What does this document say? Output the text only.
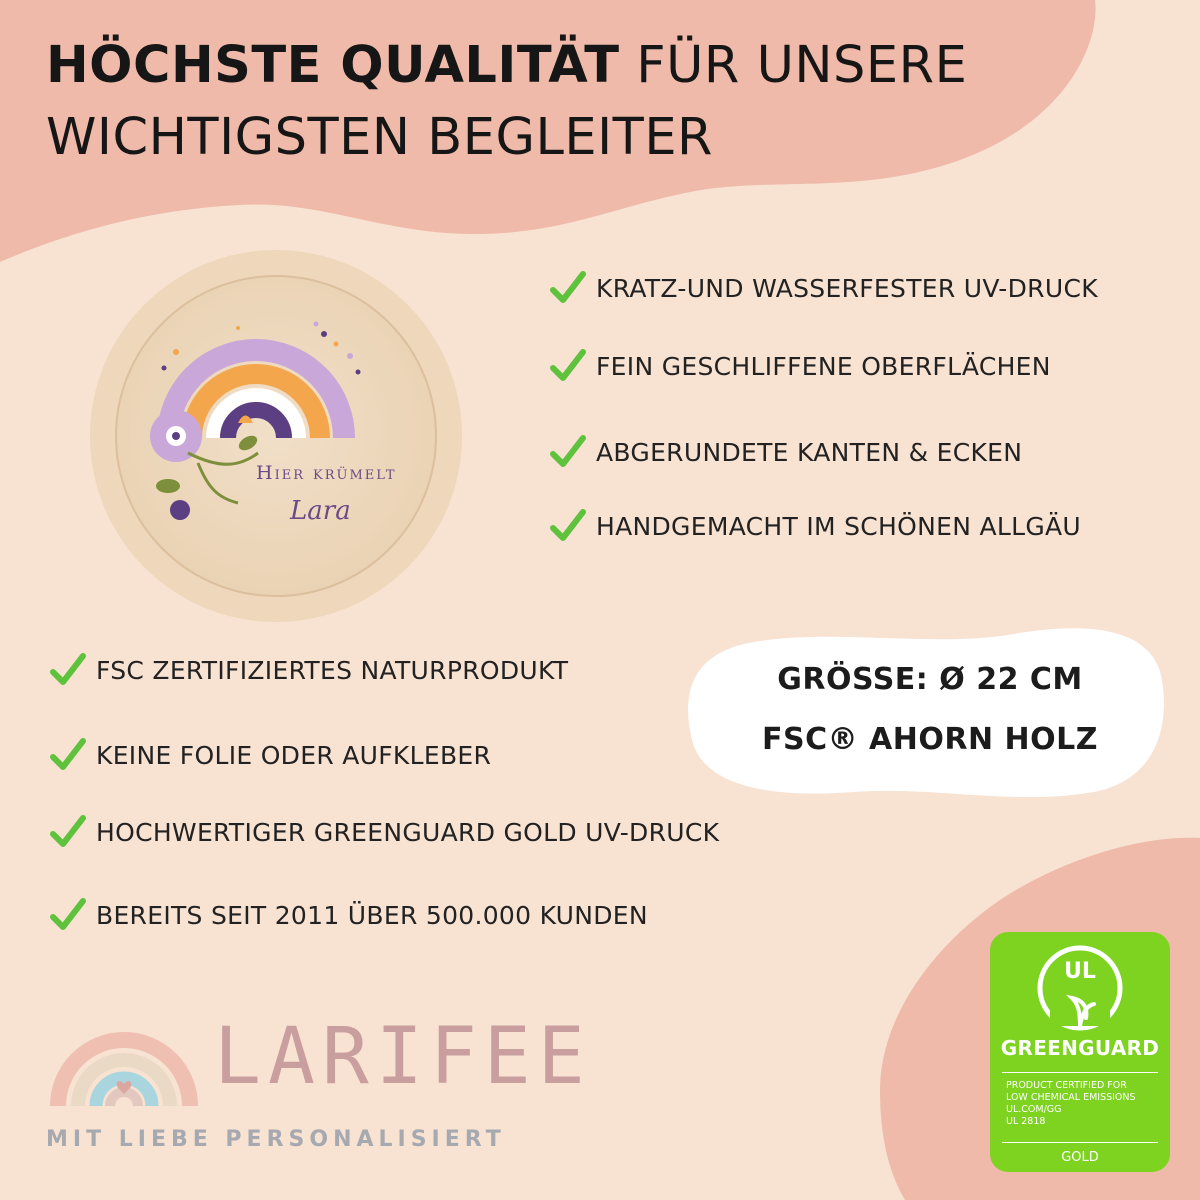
HÖCHSTE QUALITÄT FÜR UNSERE
WICHTIGSTEN BEGLEITER
Hier krümelt
Lara
KRATZ-UND WASSERFESTER UV-DRUCK
FEIN GESCHLIFFENE OBERFLÄCHEN
ABGERUNDETE KANTEN & ECKEN
HANDGEMACHT IM SCHÖNEN ALLGÄU
FSC ZERTIFIZIERTES NATURPRODUKT
KEINE FOLIE ODER AUFKLEBER
HOCHWERTIGER GREENGUARD GOLD UV-DRUCK
BEREITS SEIT 2011 ÜBER 500.000 KUNDEN
GRÖSSE: Ø 22 CM
FSC® AHORN HOLZ
LARIFEE
MIT LIEBE PERSONALISIERT
UL
GREENGUARD
PRODUCT CERTIFIED FOR
LOW CHEMICAL EMISSIONS
UL.COM/GG
UL 2818
GOLD
